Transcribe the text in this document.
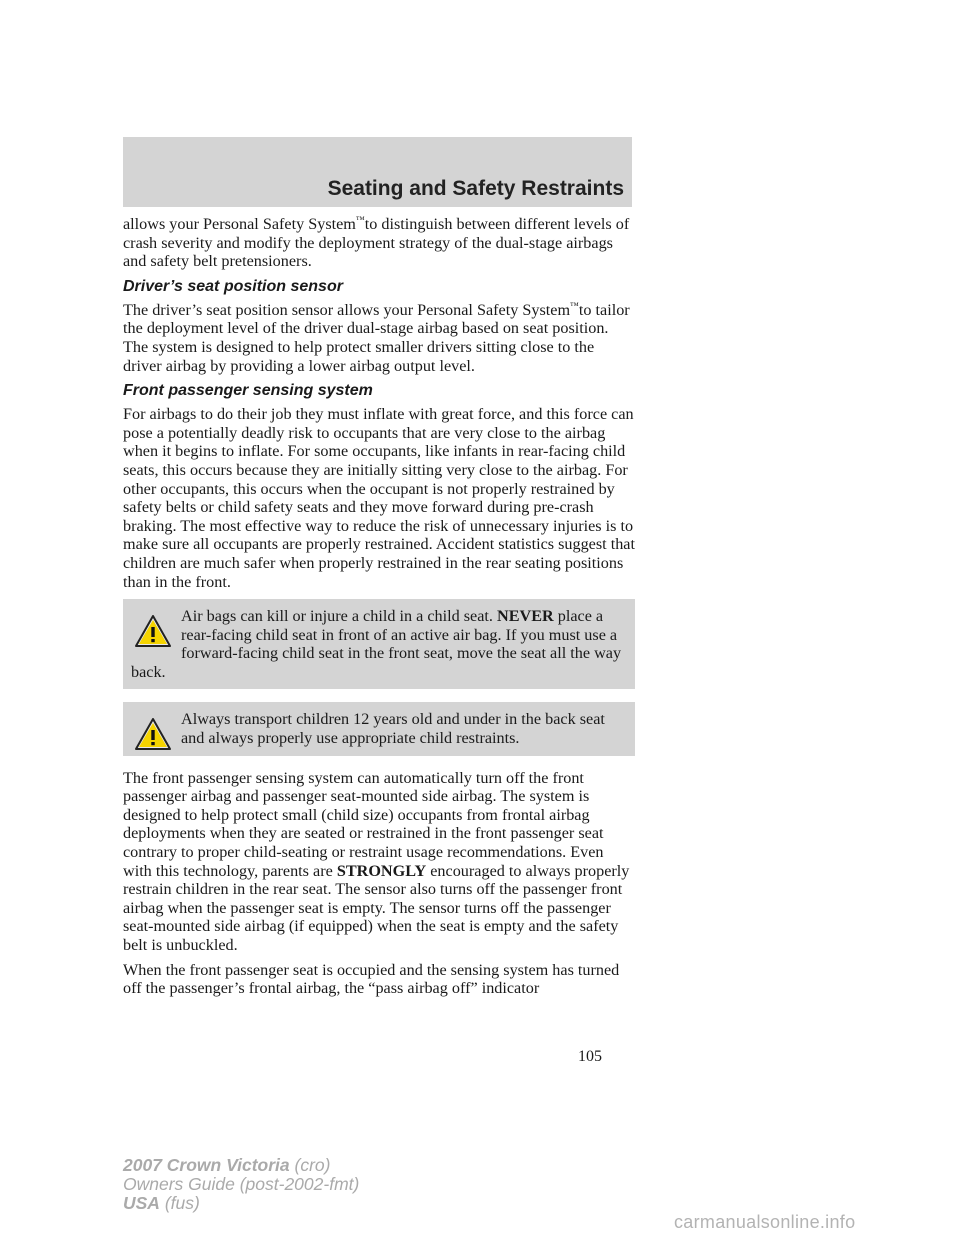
Seating and Safety Restraints

allows your Personal Safety System™to distinguish between different levels of crash severity and modify the deployment strategy of the dual-stage airbags and safety belt pretensioners.

Driver’s seat position sensor

The driver’s seat position sensor allows your Personal Safety System™to tailor the deployment level of the driver dual-stage airbag based on seat position. The system is designed to help protect smaller drivers sitting close to the driver airbag by providing a lower airbag output level.

Front passenger sensing system

For airbags to do their job they must inflate with great force, and this force can pose a potentially deadly risk to occupants that are very close to the airbag when it begins to inflate. For some occupants, like infants in rear-facing child seats, this occurs because they are initially sitting very close to the airbag. For other occupants, this occurs when the occupant is not properly restrained by safety belts or child safety seats and they move forward during pre-crash braking. The most effective way to reduce the risk of unnecessary injuries is to make sure all occupants are properly restrained. Accident statistics suggest that children are much safer when properly restrained in the rear seating positions than in the front.

Air bags can kill or injure a child in a child seat. NEVER place a rear-facing child seat in front of an active air bag. If you must use a forward-facing child seat in the front seat, move the seat all the way back.

Always transport children 12 years old and under in the back seat and always properly use appropriate child restraints.

The front passenger sensing system can automatically turn off the front passenger airbag and passenger seat-mounted side airbag. The system is designed to help protect small (child size) occupants from frontal airbag deployments when they are seated or restrained in the front passenger seat contrary to proper child-seating or restraint usage recommendations. Even with this technology, parents are STRONGLY encouraged to always properly restrain children in the rear seat. The sensor also turns off the passenger front airbag when the passenger seat is empty. The sensor turns off the passenger seat-mounted side airbag (if equipped) when the seat is empty and the safety belt is unbuckled.

When the front passenger seat is occupied and the sensing system has turned off the passenger’s frontal airbag, the “pass airbag off” indicator

105
2007 Crown Victoria (cro)
Owners Guide (post-2002-fmt)
USA (fus)
carmanualsonline.info
